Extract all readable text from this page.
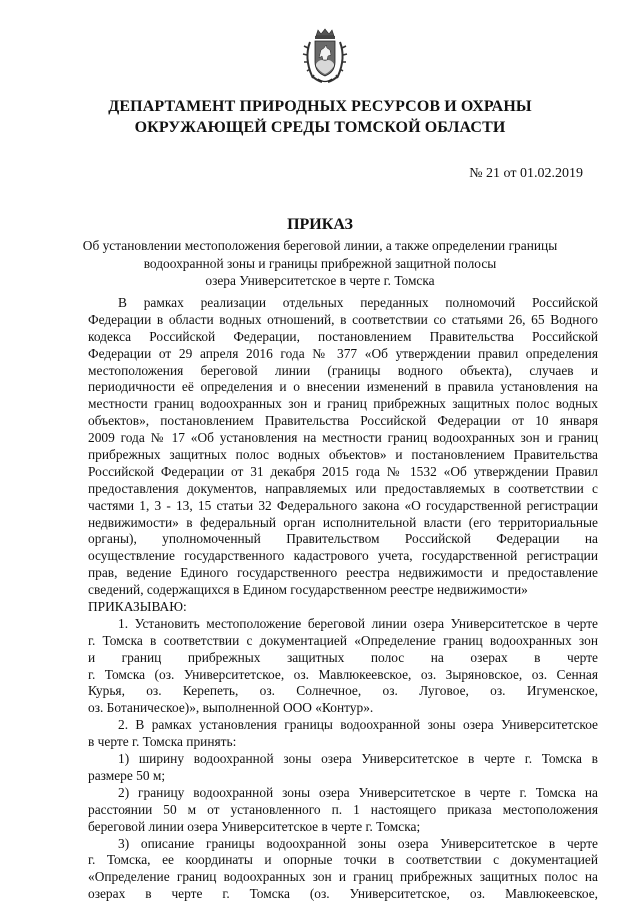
ДЕПАРТАМЕНТ ПРИРОДНЫХ РЕСУРСОВ И ОХРАНЫ
ОКРУЖАЮЩЕЙ СРЕДЫ ТОМСКОЙ ОБЛАСТИ
№ 21 от 01.02.2019
ПРИКАЗ
Об установлении местоположения береговой линии, а также определении границы
водоохранной зоны и границы прибрежной защитной полосы
озера Университетское в черте г. Томска
В рамках реализации отдельных переданных полномочий Российской
Федерации в области водных отношений, в соответствии со статьями 26, 65 Водного
кодекса Российской Федерации, постановлением Правительства Российской
Федерации от 29 апреля 2016 года № 377 «Об утверждении правил определения
местоположения береговой линии (границы водного объекта), случаев и
периодичности её определения и о внесении изменений в правила установления на
местности границ водоохранных зон и границ прибрежных защитных полос водных
объектов», постановлением Правительства Российской Федерации от 10 января
2009 года № 17 «Об установления на местности границ водоохранных зон и границ
прибрежных защитных полос водных объектов» и постановлением Правительства
Российской Федерации от 31 декабря 2015 года № 1532 «Об утверждении Правил
предоставления документов, направляемых или предоставляемых в соответствии с
частями 1, 3 - 13, 15 статьи 32 Федерального закона «О государственной регистрации
недвижимости» в федеральный орган исполнительной власти (его территориальные
органы), уполномоченный Правительством Российской Федерации на
осуществление государственного кадастрового учета, государственной регистрации
прав, ведение Единого государственного реестра недвижимости и предоставление
сведений, содержащихся в Едином государственном реестре недвижимости»
ПРИКАЗЫВАЮ:
1. Установить местоположение береговой линии озера Университетское в черте
г. Томска в соответствии с документацией «Определение границ водоохранных зон
и границ прибрежных защитных полос на озерах в черте
г. Томска (оз. Университетское, оз. Мавлюкеевское, оз. Зыряновское, оз. Сенная
Курья, оз. Керепеть, оз. Солнечное, оз. Луговое, оз. Игуменское,
оз. Ботаническое)», выполненной ООО «Контур».
2. В рамках установления границы водоохранной зоны озера Университетское
в черте г. Томска принять:
1) ширину водоохранной зоны озера Университетское в черте г. Томска в
размере 50 м;
2) границу водоохранной зоны озера Университетское в черте г. Томска на
расстоянии 50 м от установленного п. 1 настоящего приказа местоположения
береговой линии озера Университетское в черте г. Томска;
3) описание границы водоохранной зоны озера Университетское в черте
г. Томска, ее координаты и опорные точки в соответствии с документацией
«Определение границ водоохранных зон и границ прибрежных защитных полос на
озерах в черте г. Томска (оз. Университетское, оз. Мавлюкеевское,
